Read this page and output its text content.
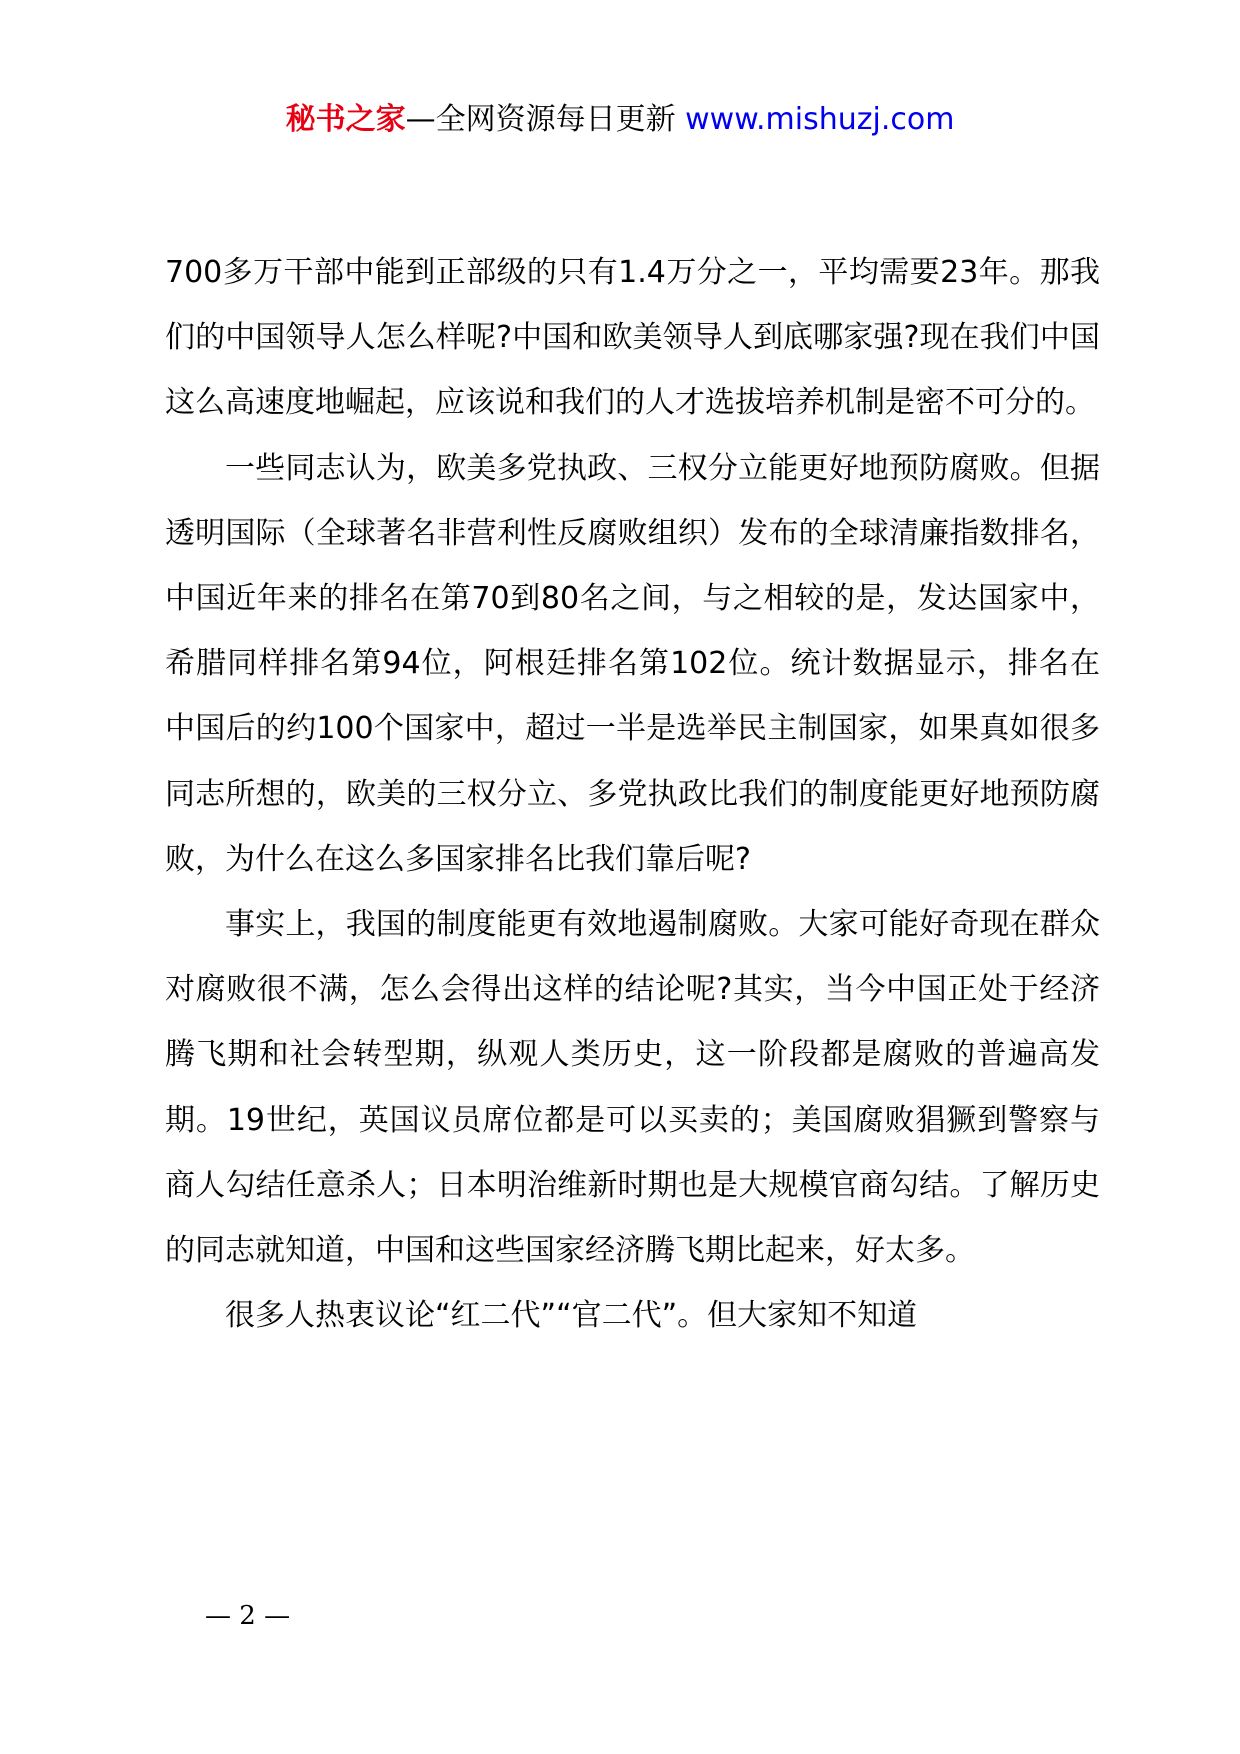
秘书之家—全网资源每日更新 www.mishuzj.com

700多万干部中能到正部级的只有1.4万分之一，平均需要23年。那我们的中国领导人怎么样呢?中国和欧美领导人到底哪家强?现在我们中国这么高速度地崛起，应该说和我们的人才选拔培养机制是密不可分的。

一些同志认为，欧美多党执政、三权分立能更好地预防腐败。但据透明国际（全球著名非营利性反腐败组织）发布的全球清廉指数排名，中国近年来的排名在第70到80名之间，与之相较的是，发达国家中，希腊同样排名第94位，阿根廷排名第102位。统计数据显示，排名在中国后的约100个国家中，超过一半是选举民主制国家，如果真如很多同志所想的，欧美的三权分立、多党执政比我们的制度能更好地预防腐败，为什么在这么多国家排名比我们靠后呢?

事实上，我国的制度能更有效地遏制腐败。大家可能好奇现在群众对腐败很不满，怎么会得出这样的结论呢?其实，当今中国正处于经济腾飞期和社会转型期，纵观人类历史，这一阶段都是腐败的普遍高发期。19世纪，英国议员席位都是可以买卖的；美国腐败猖獗到警察与商人勾结任意杀人；日本明治维新时期也是大规模官商勾结。了解历史的同志就知道，中国和这些国家经济腾飞期比起来，好太多。

很多人热衷议论“红二代”“官二代”。但大家知不知道

— 2 —
